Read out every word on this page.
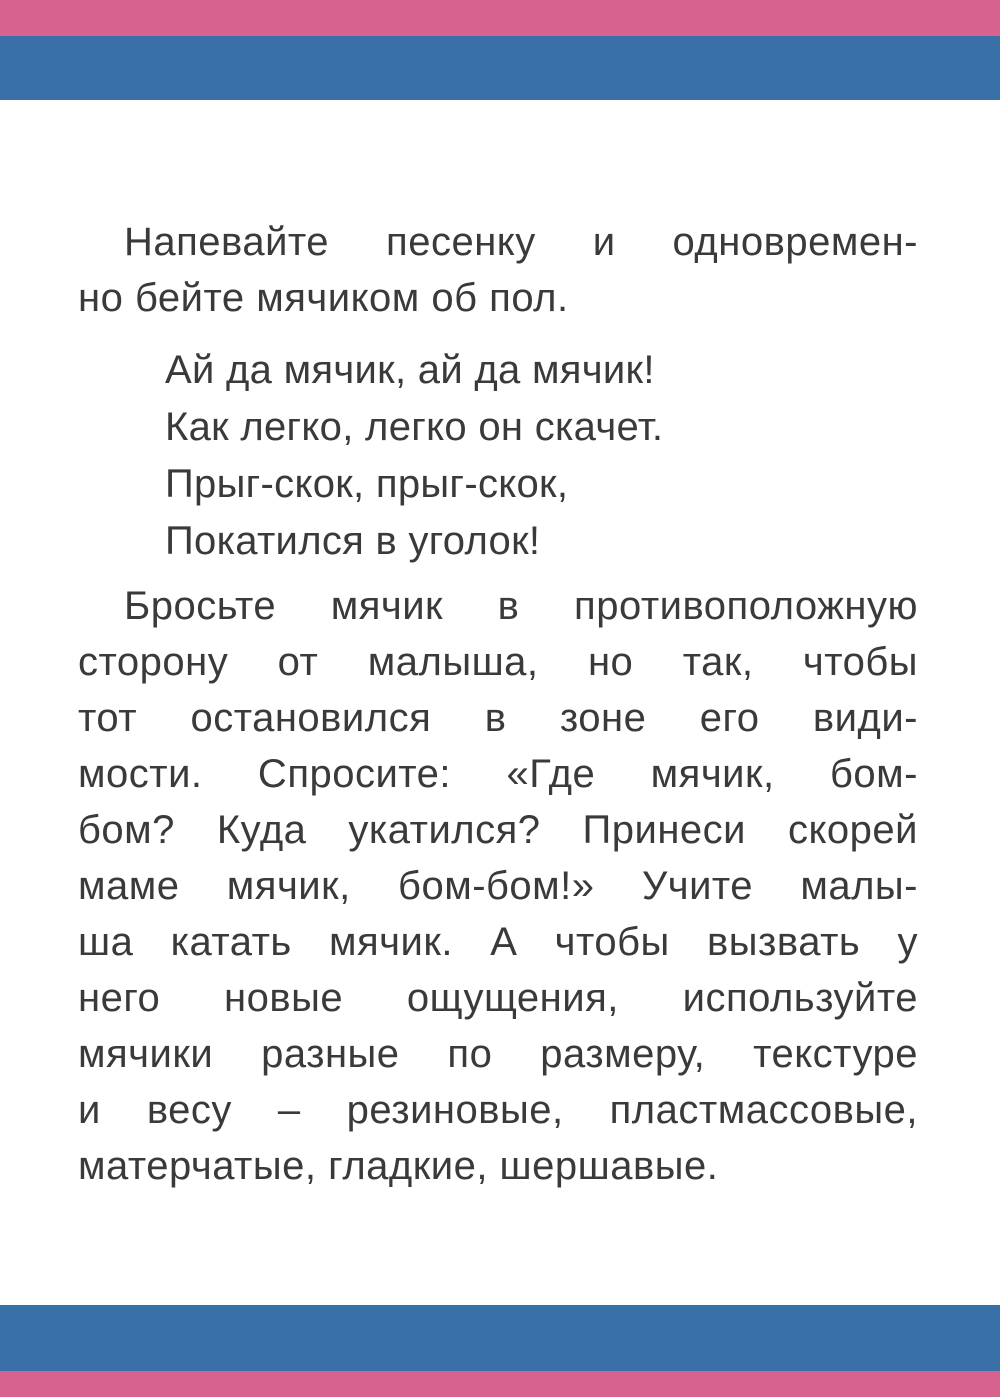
Напевайте песенку и одновремен-
но бейте мячиком об пол.
Ай да мячик, ай да мячик!
Как легко, легко он скачет.
Прыг-скок, прыг-скок,
Покатился в уголок!
Бросьте мячик в противоположную
сторону от малыша, но так, чтобы
тот остановился в зоне его види-
мости. Спросите: «Где мячик, бом-
бом? Куда укатился? Принеси скорей
маме мячик, бом-бом!» Учите малы-
ша катать мячик. А чтобы вызвать у
него новые ощущения, используйте
мячики разные по размеру, текстуре
и весу – резиновые, пластмассовые,
матерчатые, гладкие, шершавые.
